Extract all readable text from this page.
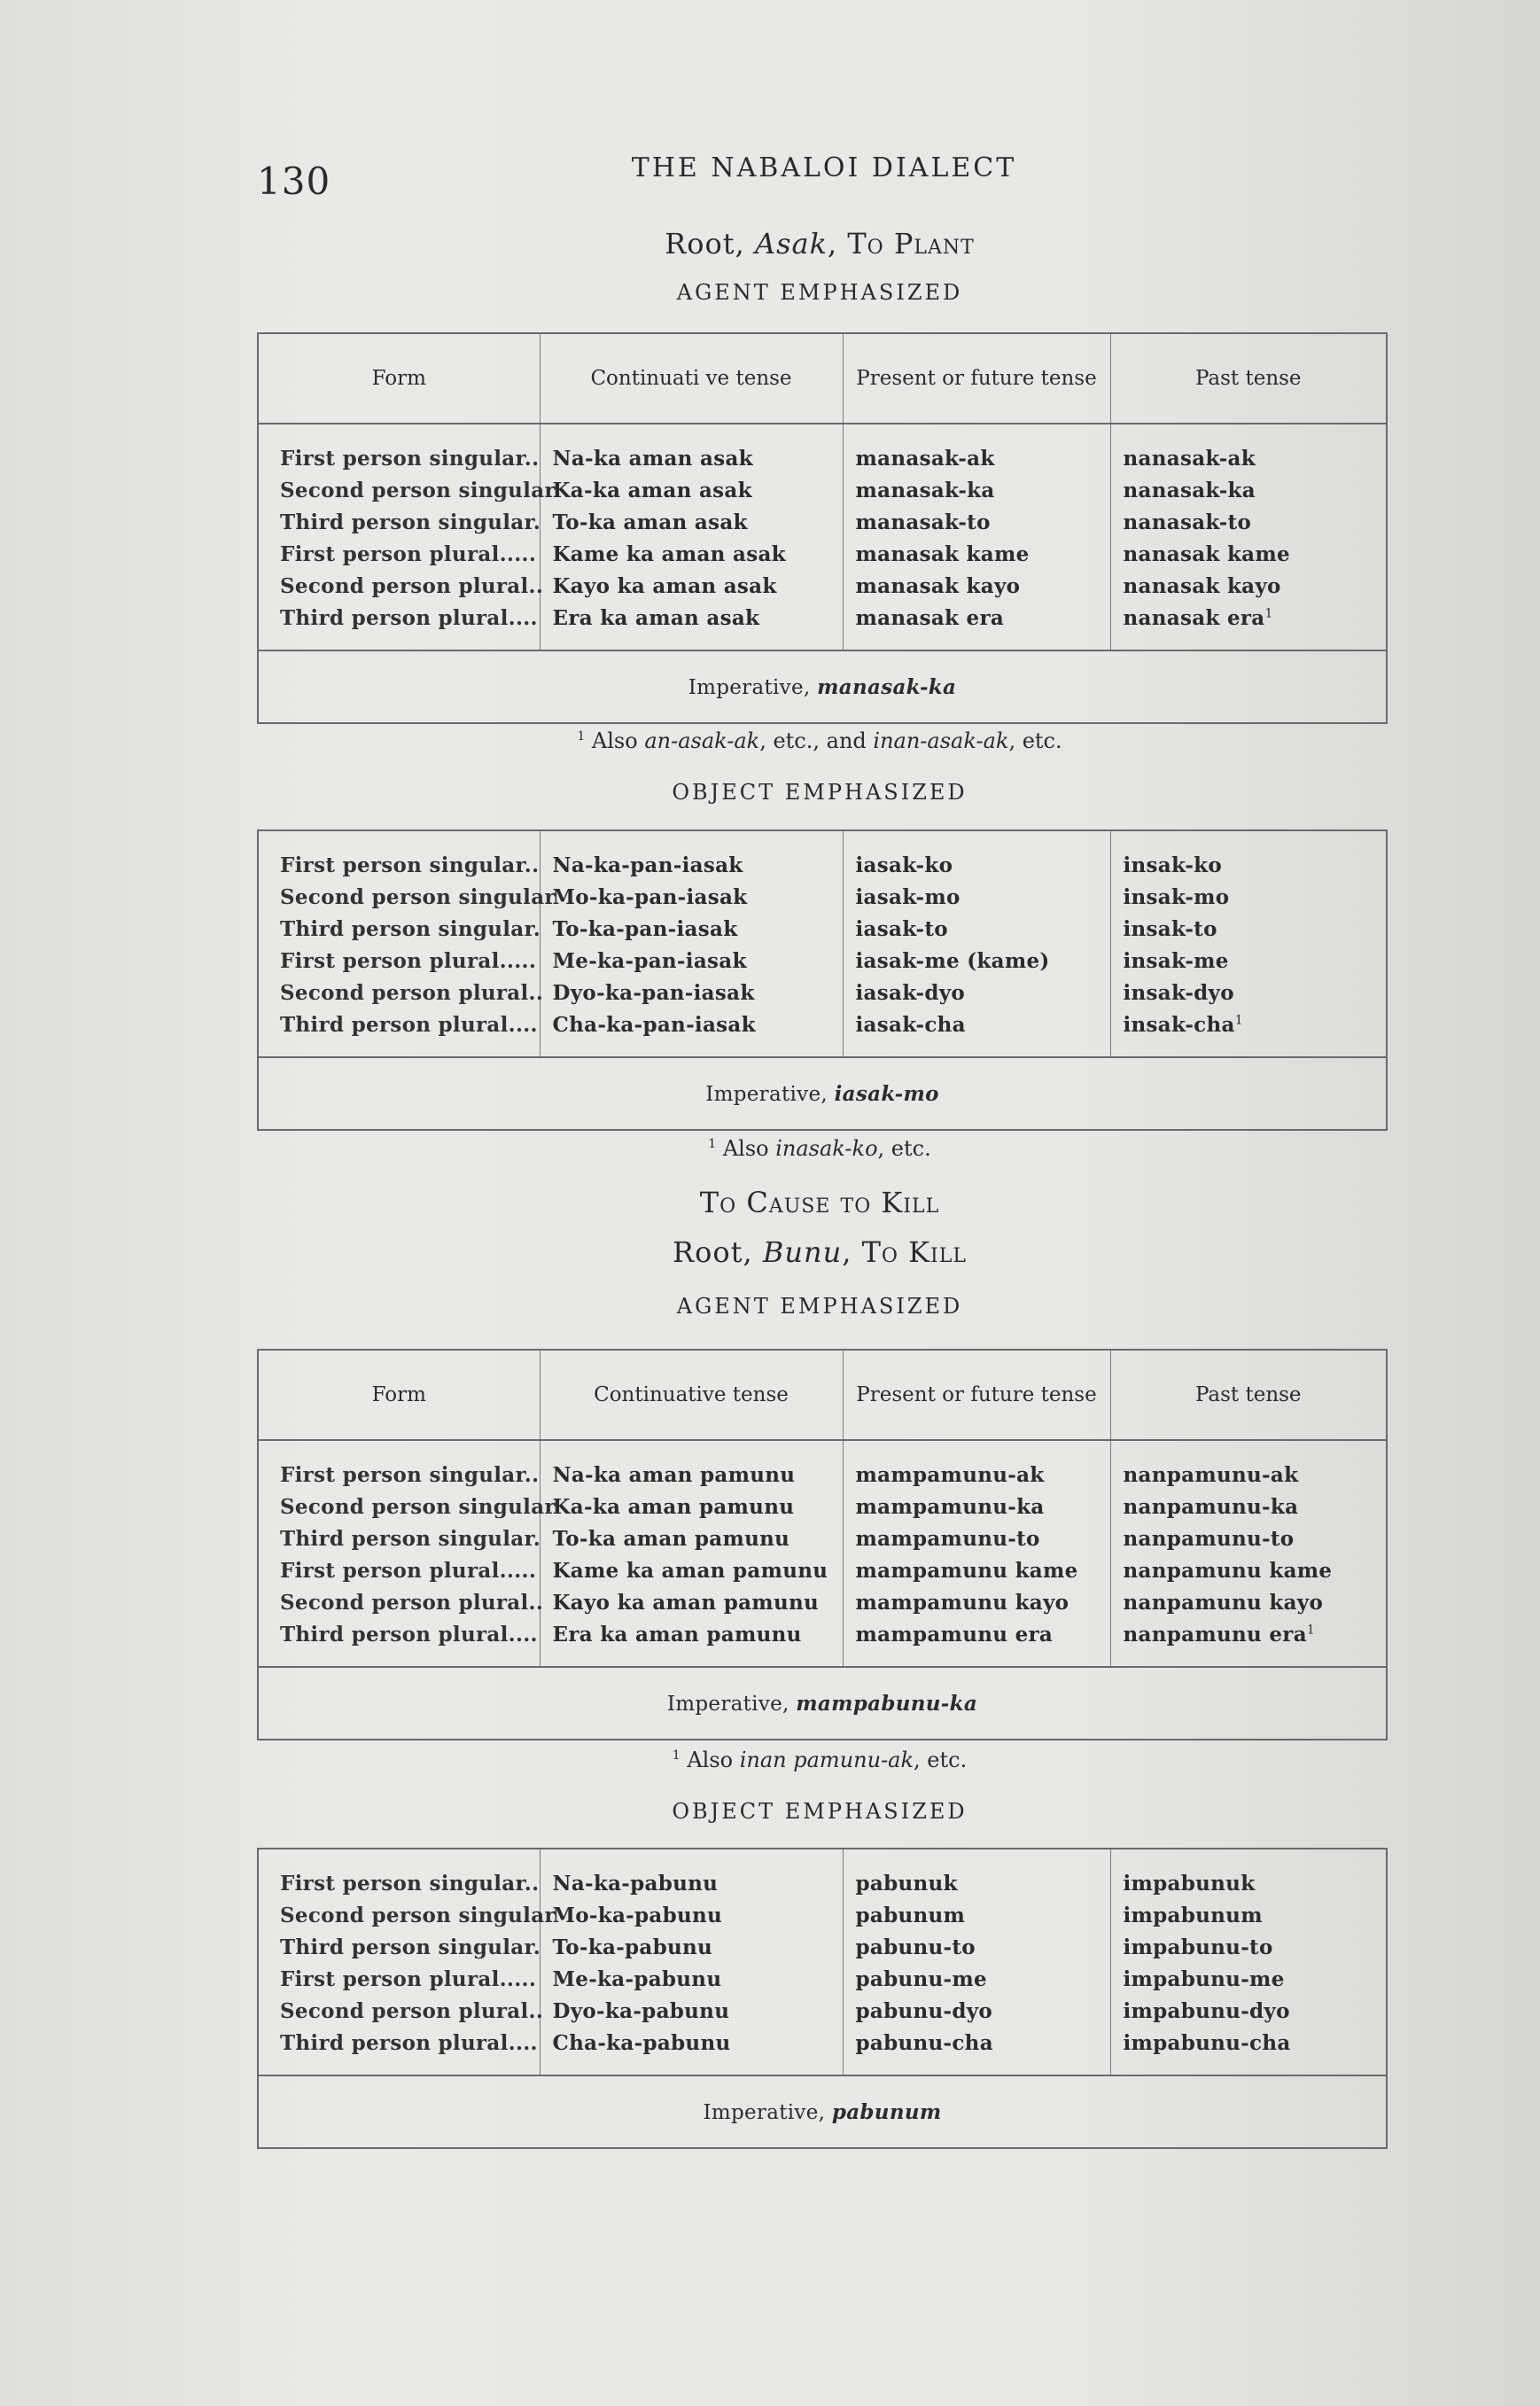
130	THE NABALOI DIALECT
Root, Asak, To Plant
AGENT EMPHASIZED
Form	Continuati ve tense	Present or future tense	Past tense
First person singular..	Na-ka aman asak	manasak-ak	nanasak-ak
Second person singular	Ka-ka aman asak	manasak-ka	nanasak-ka
Third person singular.	To-ka aman asak	manasak-to	nanasak-to
First person plural.....	Kame ka aman asak	manasak kame	nanasak kame
Second person plural..	Kayo ka aman asak	manasak kayo	nanasak kayo
Third person plural....	Era ka aman asak	manasak era	nanasak era$^1$
Imperative, manasak-ka			
$^1$ Also an-asak-ak, etc., and inan-asak-ak, etc.
OBJECT EMPHASIZED
First person singular..	Na-ka-pan-iasak	iasak-ko	insak-ko
Second person singular	Mo-ka-pan-iasak	iasak-mo	insak-mo
Third person singular.	To-ka-pan-iasak	iasak-to	insak-to
First person plural.....	Me-ka-pan-iasak	iasak-me (kame)	insak-me
Second person plural..	Dyo-ka-pan-iasak	iasak-dyo	insak-dyo
Third person plural....	Cha-ka-pan-iasak	iasak-cha	insak-cha$^1$
Imperative, iasak-mo			
$^1$ Also inasak-ko, etc.
To Cause to Kill
Root, Bunu, To Kill
AGENT EMPHASIZED
Form	Continuative tense	Present or future tense	Past tense
First person singular..	Na-ka aman pamunu	mampamunu-ak	nanpamunu-ak
Second person singular	Ka-ka aman pamunu	mampamunu-ka	nanpamunu-ka
Third person singular.	To-ka aman pamunu	mampamunu-to	nanpamunu-to
First person plural.....	Kame ka aman pamunu	mampamunu kame	nanpamunu kame
Second person plural..	Kayo ka aman pamunu	mampamunu kayo	nanpamunu kayo
Third person plural....	Era ka aman pamunu	mampamunu era	nanpamunu era$^1$
Imperative, mampabunu-ka			
$^1$ Also inan pamunu-ak, etc.
OBJECT EMPHASIZED
First person singular..	Na-ka-pabunu	pabunuk	impabunuk
Second person singular	Mo-ka-pabunu	pabunum	impabunum
Third person singular.	To-ka-pabunu	pabunu-to	impabunu-to
First person plural.....	Me-ka-pabunu	pabunu-me	impabunu-me
Second person plural..	Dyo-ka-pabunu	pabunu-dyo	impabunu-dyo
Third person plural....	Cha-ka-pabunu	pabunu-cha	impabunu-cha
Imperative, pabunum			
